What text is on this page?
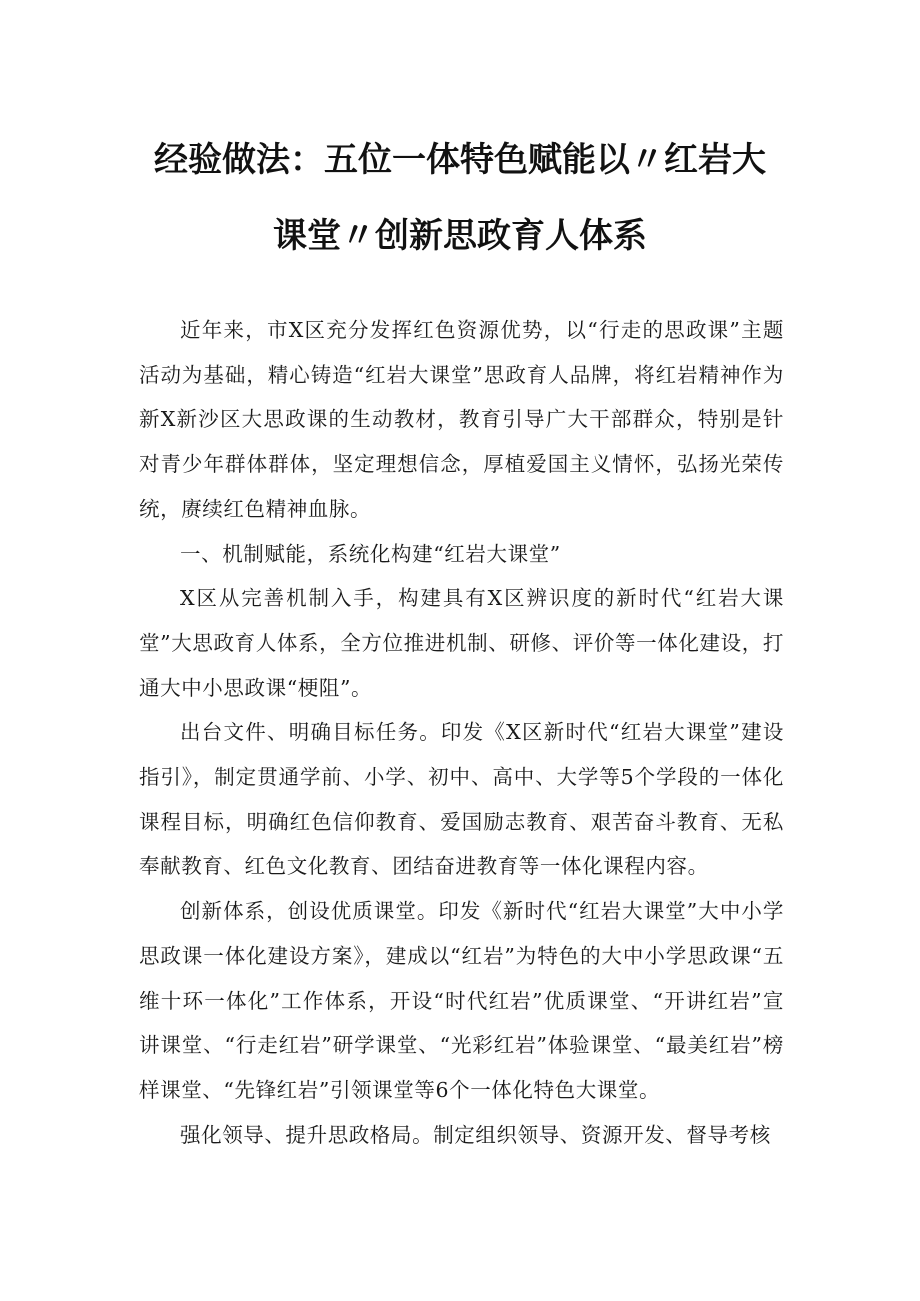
经验做法：五位一体特色赋能以〃红岩大
课堂〃创新思政育人体系

近年来，市X区充分发挥红色资源优势，以“行走的思政课”主题活动为基础，精心铸造“红岩大课堂”思政育人品牌，将红岩精神作为新X新沙区大思政课的生动教材，教育引导广大干部群众，特别是针对青少年群体群体，坚定理想信念，厚植爱国主义情怀，弘扬光荣传统，赓续红色精神血脉。

一、机制赋能，系统化构建“红岩大课堂”

X区从完善机制入手，构建具有X区辨识度的新时代“红岩大课堂”大思政育人体系，全方位推进机制、研修、评价等一体化建设，打通大中小思政课“梗阻”。

出台文件、明确目标任务。印发《X区新时代“红岩大课堂”建设指引》，制定贯通学前、小学、初中、高中、大学等5个学段的一体化课程目标，明确红色信仰教育、爱国励志教育、艰苦奋斗教育、无私奉献教育、红色文化教育、团结奋进教育等一体化课程内容。

创新体系，创设优质课堂。印发《新时代“红岩大课堂”大中小学思政课一体化建设方案》，建成以“红岩”为特色的大中小学思政课“五维十环一体化”工作体系，开设“时代红岩”优质课堂、“开讲红岩”宣讲课堂、“行走红岩”研学课堂、“光彩红岩”体验课堂、“最美红岩”榜样课堂、“先锋红岩”引领课堂等6个一体化特色大课堂。

强化领导、提升思政格局。制定组织领导、资源开发、督导考核
